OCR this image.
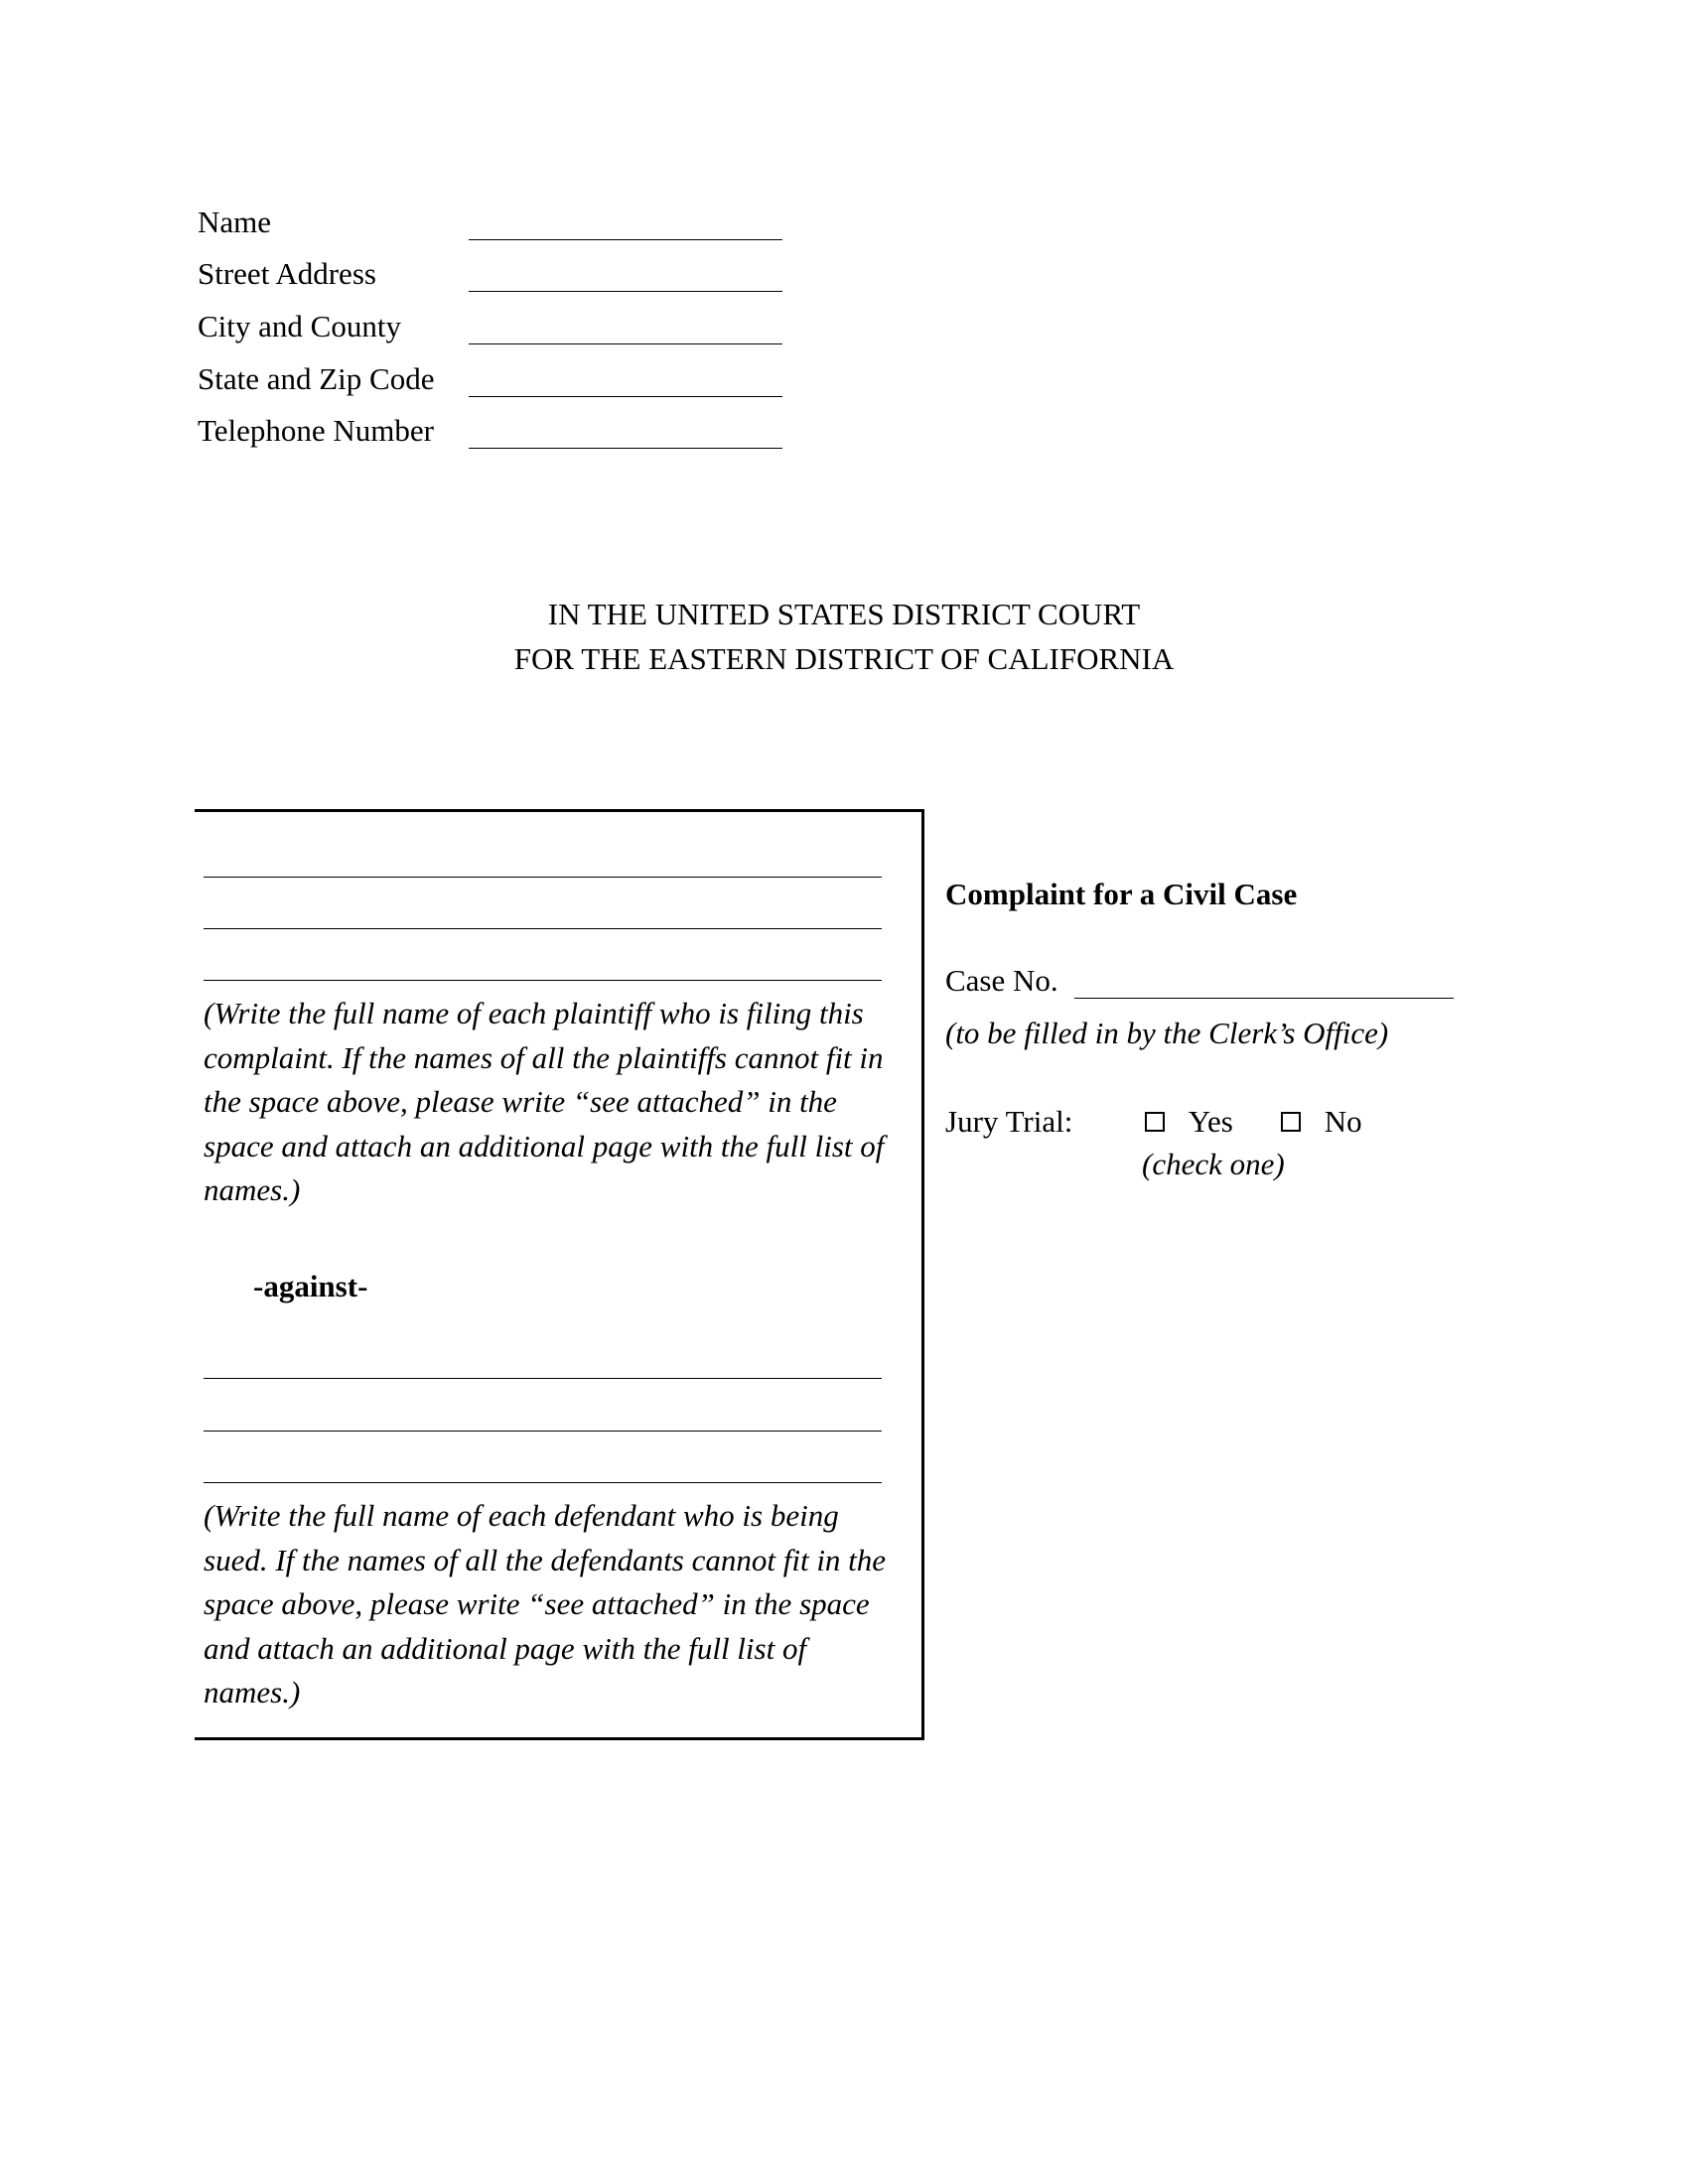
Name
Street Address
City and County
State and Zip Code
Telephone Number
IN THE UNITED STATES DISTRICT COURT
FOR THE EASTERN DISTRICT OF CALIFORNIA
(Write the full name of each plaintiff who is filing this complaint. If the names of all the plaintiffs cannot fit in the space above, please write “see attached” in the space and attach an additional page with the full list of names.)
-against-
(Write the full name of each defendant who is being sued. If the names of all the defendants cannot fit in the space above, please write “see attached” in the space and attach an additional page with the full list of names.)
Complaint for a Civil Case
Case No.
(to be filled in by the Clerk’s Office)
Jury Trial:	Yes	No
(check one)
